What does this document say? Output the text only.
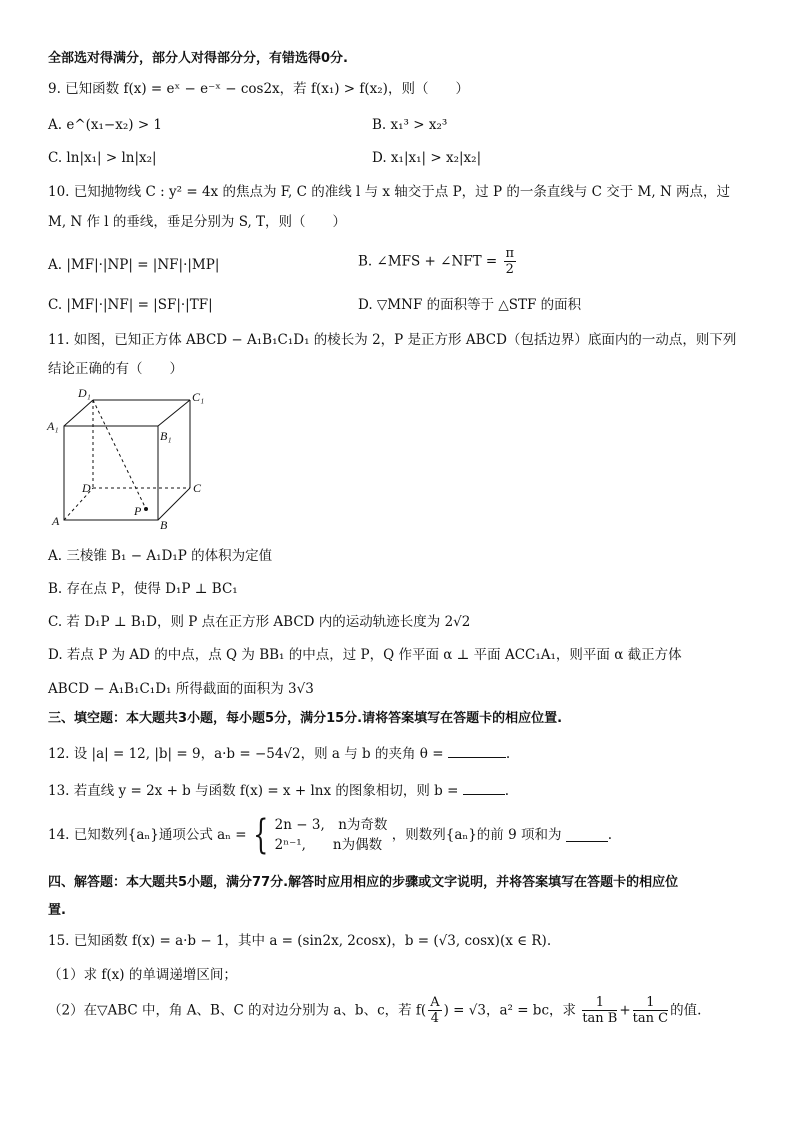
全部选对得满分，部分人对得部分分，有错选得0分.
9. 已知函数 f(x) = eˣ − e⁻ˣ − cos2x，若 f(x₁) > f(x₂)，则（　　）
A. e^(x₁−x₂) > 1	B. x₁³ > x₂³
C. ln|x₁| > ln|x₂|	D. x₁|x₁| > x₂|x₂|
10. 已知抛物线 C : y² = 4x 的焦点为 F, C 的准线 l 与 x 轴交于点 P，过 P 的一条直线与 C 交于 M, N 两点，过
M, N 作 l 的垂线，垂足分别为 S, T，则（　　）
A. |MF|·|NP| = |NF|·|MP|	B. ∠MFS + ∠NFT = $\frac{\pi}{2}$
C. |MF|·|NF| = |SF|·|TF|	D. ▽MNF 的面积等于 △STF 的面积
11. 如图，已知正方体 ABCD − A₁B₁C₁D₁ 的棱长为 2，P 是正方形 ABCD（包括边界）底面内的一动点，则下列
结论正确的有（　　）
D₁	C₁
A₁
B₁
D	C
A	B
P
A. 三棱锥 B₁ − A₁D₁P 的体积为定值
B. 存在点 P，使得 D₁P ⊥ BC₁
C. 若 D₁P ⊥ B₁D，则 P 点在正方形 ABCD 内的运动轨迹长度为 2√2
D. 若点 P 为 AD 的中点，点 Q 为 BB₁ 的中点，过 P，Q 作平面 α ⊥ 平面 ACC₁A₁，则平面 α 截正方体
ABCD − A₁B₁C₁D₁ 所得截面的面积为 3√3
三、填空题：本大题共3小题，每小题5分，满分15分.请将答案填写在答题卡的相应位置.
12. 设 |a| = 12, |b| = 9，a·b = −54√2，则 a 与 b 的夹角 θ =	.
13. 若直线 y = 2x + b 与函数 f(x) = x + lnx 的图象相切，则 b =	.
14. 已知数列{aₙ}通项公式 aₙ = { 2n − 3,　n为奇数
2ⁿ⁻¹,　　n为偶数
，则数列{aₙ}的前 9 项和为	.
四、解答题：本大题共5小题，满分77分.解答时应用相应的步骤或文字说明，并将答案填写在答题卡的相应位
置.
15. 已知函数 f(x) = a·b − 1，其中 a = (sin2x, 2cosx)，b = (√3, cosx)(x ∈ R).
（1）求 f(x) 的单调递增区间；
（2）在▽ABC 中，角 A、B、C 的对边分别为 a、b、c，若 $f( \frac{A}{4}$ ) = √3，a² = bc，求 $\frac{1}{\text{tan B}} + \frac{1}{\text{tan C}}$ 的值.
